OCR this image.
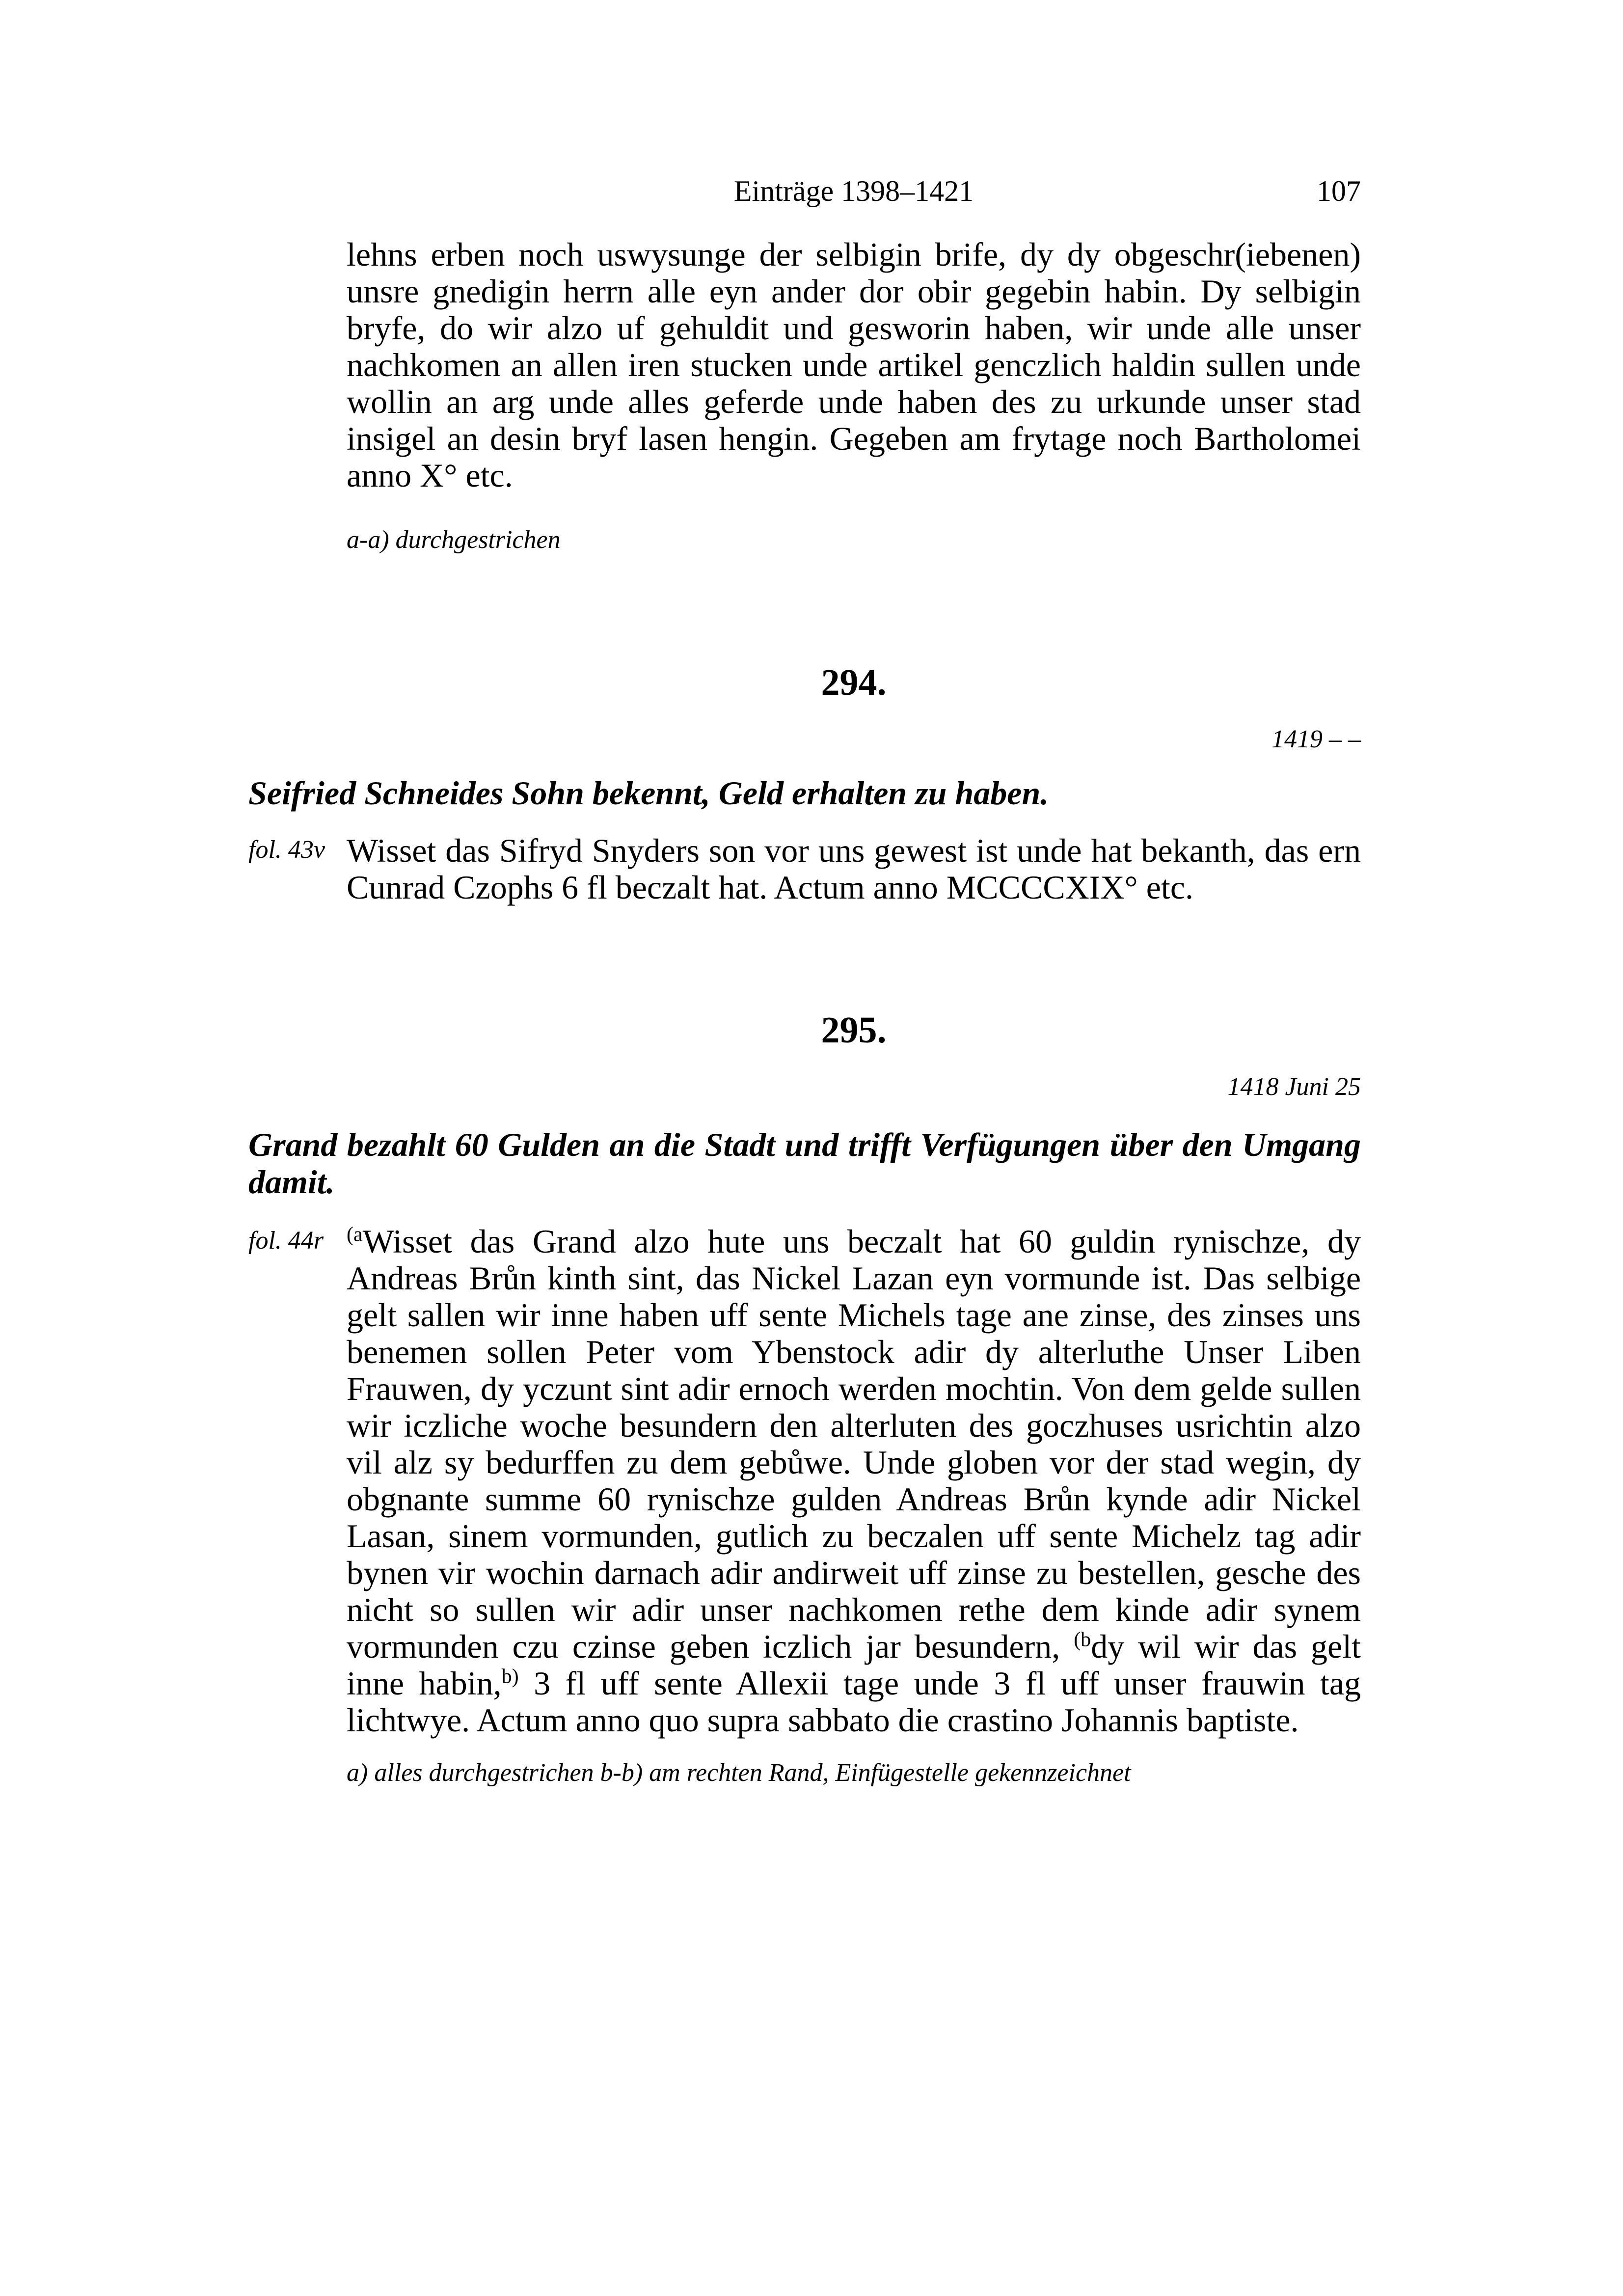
Einträge 1398–1421	107

lehns erben noch uswysunge der selbigin brife, dy dy obgeschr(iebenen) unsre gnedigin herrn alle eyn ander dor obir gegebin habin. Dy selbigin bryfe, do wir alzo uf gehuldit und gesworin haben, wir unde alle unser nachkomen an allen iren stucken unde artikel genczlich haldin sullen unde wollin an arg unde alles geferde unde haben des zu urkunde unser stad insigel an desin bryf lasen hengin. Gegeben am frytage noch Bartholomei anno X° etc.

a-a) durchgestrichen
294.
1419 – –
Seifried Schneides Sohn bekennt, Geld erhalten zu haben.
fol. 43v Wisset das Sifryd Snyders son vor uns gewest ist unde hat bekanth, das ern Cunrad Czophs 6 fl beczalt hat. Actum anno MCCCCXIX° etc.

295.
1418 Juni 25
Grand bezahlt 60 Gulden an die Stadt und trifft Verfügungen über den Umgang damit.
fol. 44r $^{(a}$Wisset das Grand alzo hute uns beczalt hat 60 guldin rynischze, dy Andreas Brůn kinth sint, das Nickel Lazan eyn vormunde ist. Das selbige gelt sallen wir inne haben uff sente Michels tage ane zinse, des zinses uns benemen sollen Peter vom Ybenstock adir dy alterluthe Unser Liben Frauwen, dy yczunt sint adir ernoch werden mochtin. Von dem gelde sullen wir iczliche woche besundern den alterluten des goczhuses usrichtin alzo vil alz sy bedurffen zu dem gebůwe. Unde globen vor der stad wegin, dy obgnante summe 60 rynischze gulden Andreas Brůn kynde adir Nickel Lasan, sinem vormunden, gutlich zu beczalen uff sente Michelz tag adir bynen vir wochin darnach adir andirweit uff zinse zu bestellen, gesche des nicht so sullen wir adir unser nachkomen rethe dem kinde adir synem vormunden czu czinse geben iczlich jar besundern, $^{(b}$dy wil wir das gelt inne habin,$^{b)}$ 3 fl uff sente Allexii tage unde 3 fl uff unser frauwin tag lichtwye. Actum anno quo supra sabbato die crastino Johannis baptiste.

a) alles durchgestrichen b-b) am rechten Rand, Einfügestelle gekennzeichnet
